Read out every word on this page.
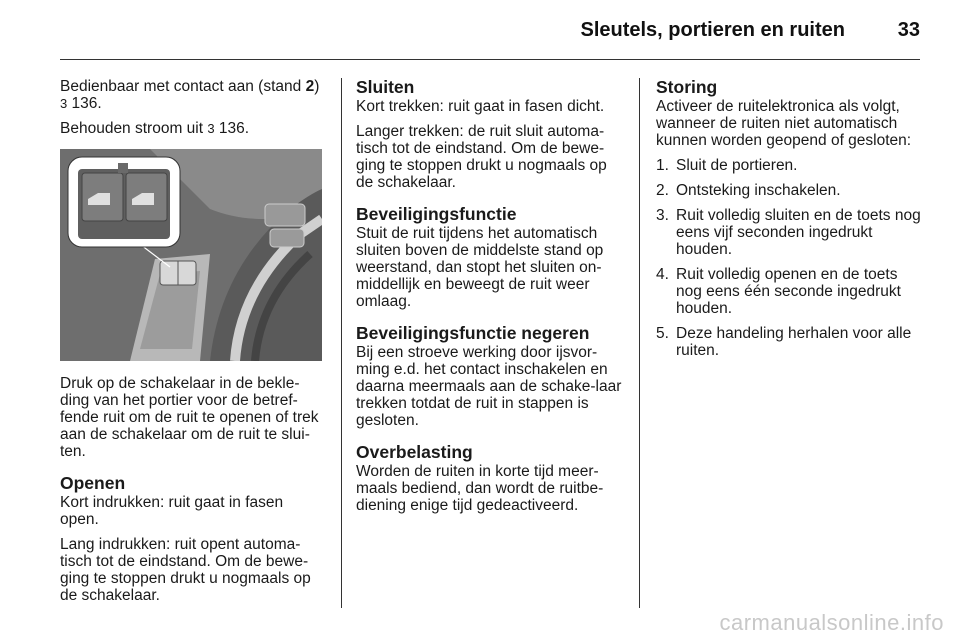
Sleutels, portieren en ruiten	33

Bedienbaar met contact aan (stand 2)
3 136.

Behouden stroom uit 3 136.

Druk op de schakelaar in de bekle-ding van het portier voor de betref-fende ruit om de ruit te openen of trek aan de schakelaar om de ruit te slui-ten.

Openen

Kort indrukken: ruit gaat in fasen open.

Lang indrukken: ruit opent automa-tisch tot de eindstand. Om de bewe-ging te stoppen drukt u nogmaals op de schakelaar.

Sluiten

Kort trekken: ruit gaat in fasen dicht.

Langer trekken: de ruit sluit automa-tisch tot de eindstand. Om de bewe-ging te stoppen drukt u nogmaals op de schakelaar.

Beveiligingsfunctie

Stuit de ruit tijdens het automatisch sluiten boven de middelste stand op weerstand, dan stopt het sluiten on-middellijk en beweegt de ruit weer omlaag.

Beveiligingsfunctie negeren

Bij een stroeve werking door ijsvor-ming e.d. het contact inschakelen en daarna meermaals aan de schake-laar trekken totdat de ruit in stappen is gesloten.

Overbelasting

Worden de ruiten in korte tijd meer-maals bediend, dan wordt de ruitbe-diening enige tijd gedeactiveerd.

Storing

Activeer de ruitelektronica als volgt, wanneer de ruiten niet automatisch kunnen worden geopend of gesloten:

1. Sluit de portieren.
2. Ontsteking inschakelen.
3. Ruit volledig sluiten en de toets nog eens vijf seconden ingedrukt houden.
4. Ruit volledig openen en de toets nog eens één seconde ingedrukt houden.
5. Deze handeling herhalen voor alle ruiten.
carmanualsonline.info
